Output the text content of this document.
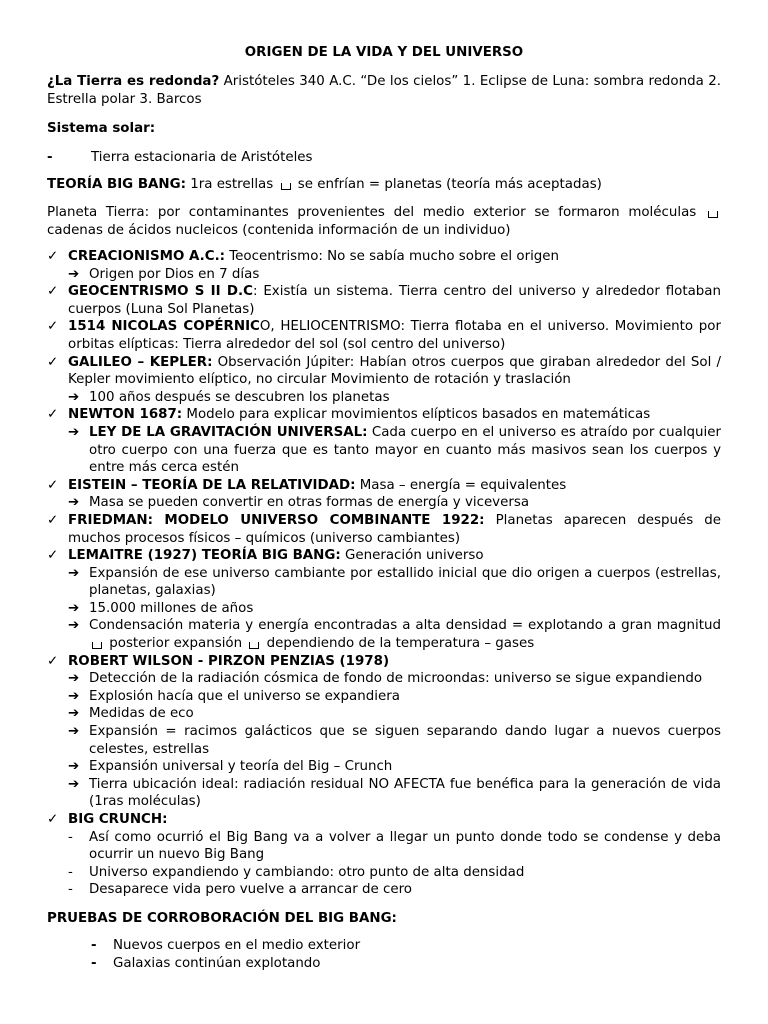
ORIGEN DE LA VIDA Y DEL UNIVERSO

¿La Tierra es redonda? Aristóteles 340 A.C. “De los cielos” 1. Eclipse de Luna: sombra redonda 2. Estrella polar 3. Barcos

Sistema solar:

-	Tierra estacionaria de Aristóteles

TEORÍA BIG BANG: 1ra estrellas  se enfrían = planetas (teoría más aceptadas)

Planeta Tierra: por contaminantes provenientes del medio exterior se formaron moléculas  cadenas de ácidos nucleicos (contenida información de un individuo)

✓ CREACIONISMO A.C.: Teocentrismo: No se sabía mucho sobre el origen
➔ Origen por Dios en 7 días
✓ GEOCENTRISMO S II D.C: Existía un sistema. Tierra centro del universo y alrededor flotaban cuerpos (Luna Sol Planetas)
✓ 1514 NICOLAS COPÉRNICO, HELIOCENTRISMO: Tierra flotaba en el universo. Movimiento por orbitas elípticas: Tierra alrededor del sol (sol centro del universo)
✓ GALILEO – KEPLER: Observación Júpiter: Habían otros cuerpos que giraban alrededor del Sol / Kepler movimiento elíptico, no circular Movimiento de rotación y traslación
➔ 100 años después se descubren los planetas
✓ NEWTON 1687: Modelo para explicar movimientos elípticos basados en matemáticas
➔ LEY DE LA GRAVITACIÓN UNIVERSAL: Cada cuerpo en el universo es atraído por cualquier otro cuerpo con una fuerza que es tanto mayor en cuanto más masivos sean los cuerpos y entre más cerca estén
✓ EISTEIN – TEORÍA DE LA RELATIVIDAD: Masa – energía = equivalentes
➔ Masa se pueden convertir en otras formas de energía y viceversa
✓ FRIEDMAN: MODELO UNIVERSO COMBINANTE 1922: Planetas aparecen después de muchos procesos físicos – químicos (universo cambiantes)
✓ LEMAITRE (1927) TEORÍA BIG BANG: Generación universo
➔ Expansión de ese universo cambiante por estallido inicial que dio origen a cuerpos (estrellas, planetas, galaxias)
➔ 15.000 millones de años
➔ Condensación materia y energía encontradas a alta densidad = explotando a gran magnitud  posterior expansión  dependiendo de la temperatura – gases
✓ ROBERT WILSON - PIRZON PENZIAS (1978)
➔ Detección de la radiación cósmica de fondo de microondas: universo se sigue expandiendo
➔ Explosión hacía que el universo se expandiera
➔ Medidas de eco
➔ Expansión = racimos galácticos que se siguen separando dando lugar a nuevos cuerpos celestes, estrellas
➔ Expansión universal y teoría del Big – Crunch
➔ Tierra ubicación ideal: radiación residual NO AFECTA fue benéfica para la generación de vida (1ras moléculas)
✓ BIG CRUNCH:
- Así como ocurrió el Big Bang va a volver a llegar un punto donde todo se condense y deba ocurrir un nuevo Big Bang
- Universo expandiendo y cambiando: otro punto de alta densidad
- Desaparece vida pero vuelve a arrancar de cero

PRUEBAS DE CORROBORACIÓN DEL BIG BANG:

- Nuevos cuerpos en el medio exterior
- Galaxias continúan explotando
